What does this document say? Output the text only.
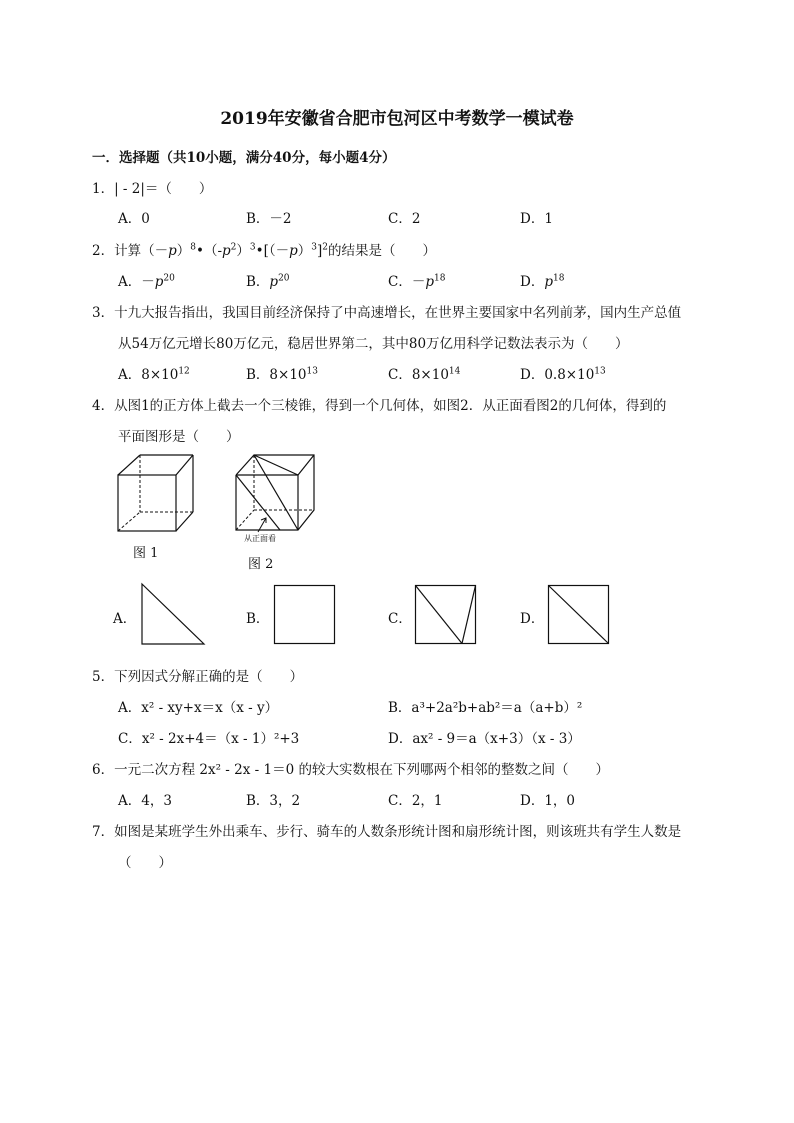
2019年安徽省合肥市包河区中考数学一模试卷
一．选择题（共10小题，满分40分，每小题4分）
1．| - 2|＝（　　）
A．0	B．－2	C．2	D．1
2．计算$(-p)^8•(-p^2)^3•[(-p)^3]^2$的结果是（　　）
A．$-p^{20}$	B．$p^{20}$	C．$-p^{18}$	D．$p^{18}$
3．十九大报告指出，我国目前经济保持了中高速增长，在世界主要国家中名列前茅，国内生产总值
从54万亿元增长80万亿元，稳居世界第二，其中80万亿用科学记数法表示为（　　）
A．$8\times 10^{12}$	B．$8\times 10^{13}$	C．$8\times 10^{14}$	D．$0.8\times 10^{13}$
4．从图1的正方体上截去一个三棱锥，得到一个几何体，如图2．从正面看图2的几何体，得到的
平面图形是（　　）
图 1
从正面看
图 2
A．	B．	C．	D．
5．下列因式分解正确的是（　　）
A．x² - xy+x＝x（x - y）	B．a³+2a²b+ab²＝a（a+b）²
C．x² - 2x+4＝（x - 1）²+3	D．ax² - 9＝a（x+3）（x - 3）
6．一元二次方程 2x² - 2x - 1＝0 的较大实数根在下列哪两个相邻的整数之间（　　）
A．4，3	B．3，2	C．2，1	D．1，0
7．如图是某班学生外出乘车、步行、骑车的人数条形统计图和扇形统计图，则该班共有学生人数是
（　　）
